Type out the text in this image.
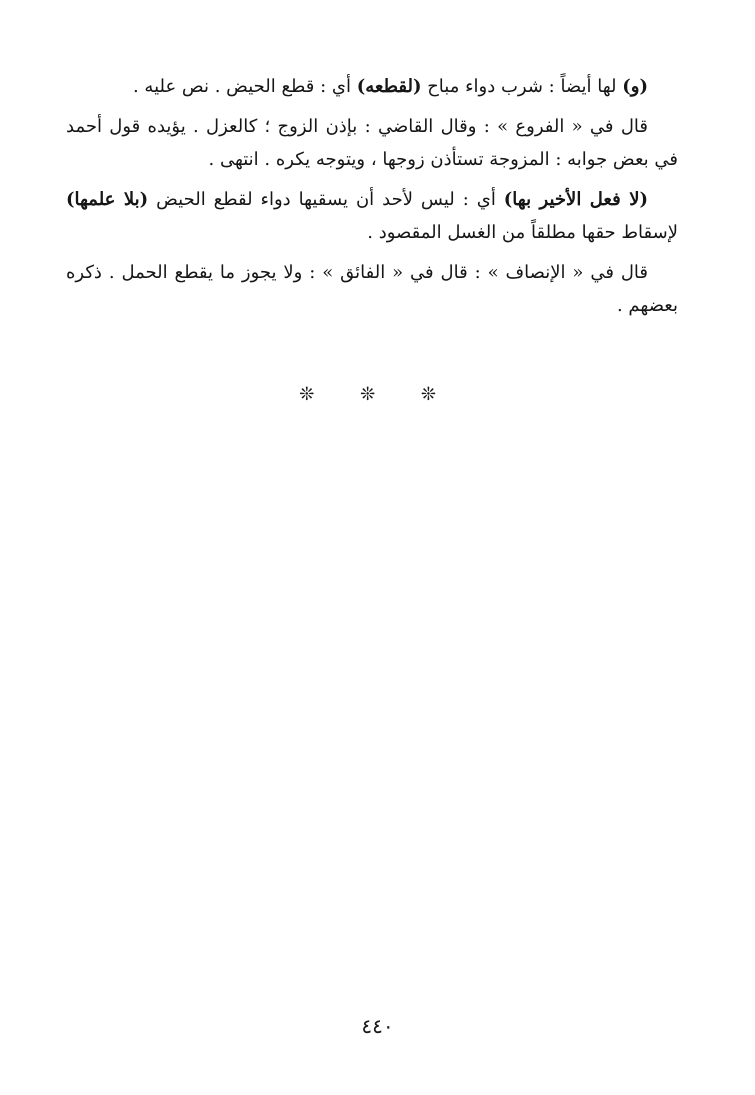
(و) لها أيضاً : شرب دواء مباح (لقطعه) أي : قطع الحيض . نص عليه .

قال في « الفروع » : وقال القاضي : بإذن الزوج ؛ كالعزل . يؤيده قول أحمد في بعض جوابه : المزوجة تستأذن زوجها ، ويتوجه يكره . انتهى .

(لا فعل الأخير بها) أي : ليس لأحد أن يسقيها دواء لقطع الحيض (بلا علمها) لإسقاط حقها مطلقاً من الغسل المقصود .

قال في « الإنصاف » : قال في « الفائق » : ولا يجوز ما يقطع الحمل . ذكره بعضهم .

❊ ❊ ❊
٤٤٠
